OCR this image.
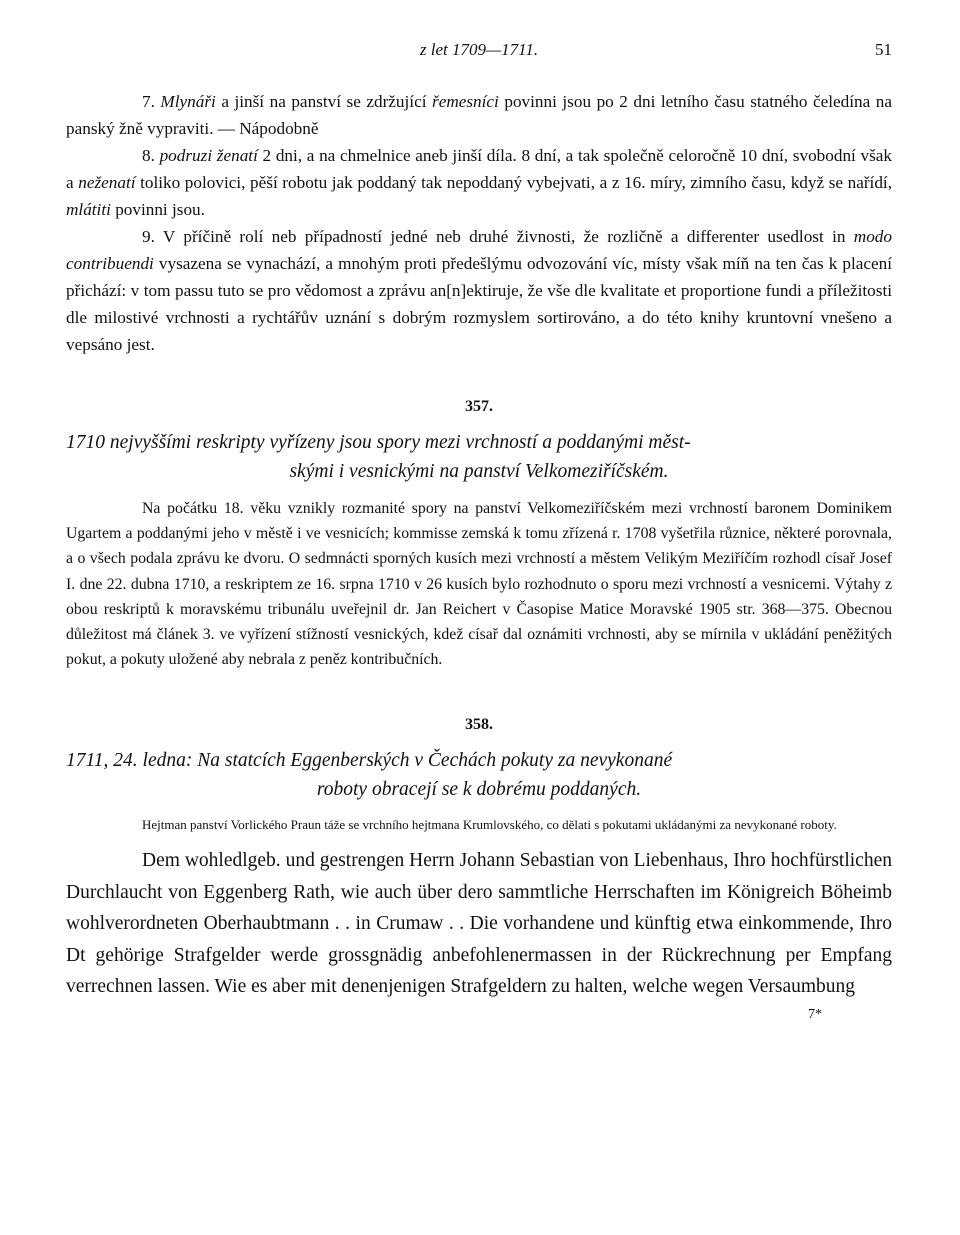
z let 1709—1711.	51

7. Mlynáři a jinší na panství se zdržující řemesníci povinni jsou po 2 dni letního času statného čeledína na panský žně vypraviti. — Nápodobně

8. podruzi ženatí 2 dni, a na chmelnice aneb jinší díla. 8 dní, a tak společně celoročně 10 dní, svobodní však a neženatí toliko polovici, pěší robotu jak poddaný tak nepoddaný vybejvati, a z 16. míry, zimního času, když se nařídí, mlátiti povinni jsou.

9. V příčině rolí neb případností jedné neb druhé živnosti, že rozličně a differenter usedlost in modo contribuendi vysazena se vynachází, a mnohým proti předešlýmu odvozování víc, místy však míň na ten čas k placení přichází: v tom passu tuto se pro vědomost a zprávu an[n]ektiruje, že vše dle kvalitate et proportione fundi a příležitosti dle milostivé vrchnosti a rychtářův uznání s dobrým rozmyslem sortirováno, a do této knihy kruntovní vnešeno a vepsáno jest.

357.
1710 nejvyššími reskripty vyřízeny jsou spory mezi vrchností a poddanými měst-
skými i vesnickými na panství Velkomeziříčském.

Na počátku 18. věku vznikly rozmanité spory na panství Velkomeziříčském mezi vrchností baronem Dominikem Ugartem a poddanými jeho v městě i ve vesnicích; kommisse zemská k tomu zřízená r. 1708 vyšetřila různice, některé porovnala, a o všech podala zprávu ke dvoru. O sedmnácti sporných kusích mezi vrchností a městem Velikým Meziříčím rozhodl císař Josef I. dne 22. dubna 1710, a reskriptem ze 16. srpna 1710 v 26 kusích bylo rozhodnuto o sporu mezi vrchností a vesnicemi. Výtahy z obou reskriptů k moravskému tribunálu uveřejnil dr. Jan Reichert v Časopise Matice Moravské 1905 str. 368—375. Obecnou důležitost má článek 3. ve vyřízení stížností vesnických, kdež císař dal oznámiti vrchnosti, aby se mírnila v ukládání peněžitých pokut, a pokuty uložené aby nebrala z peněz kontribučních.

358.
1711, 24. ledna: Na statcích Eggenberských v Čechách pokuty za nevykonané
roboty obracejí se k dobrému poddaných.

Hejtman panství Vorlického Praun táže se vrchního hejtmana Krumlovského, co dělati s pokutami ukládanými za nevykonané roboty.

Dem wohledlgeb. und gestrengen Herrn Johann Sebastian von Liebenhaus, Ihro hochfürstlichen Durchlaucht von Eggenberg Rath, wie auch über dero sammtliche Herrschaften im Königreich Böheimb wohlverordneten Oberhaubtmann . . in Crumaw . . Die vorhandene und künftig etwa einkommende, Ihro Dt gehörige Strafgelder werde grossgnädig anbefohlenermassen in der Rückrechnung per Empfang verrechnen lassen. Wie es aber mit denenjenigen Strafgeldern zu halten, welche wegen Versaumbung

7*
